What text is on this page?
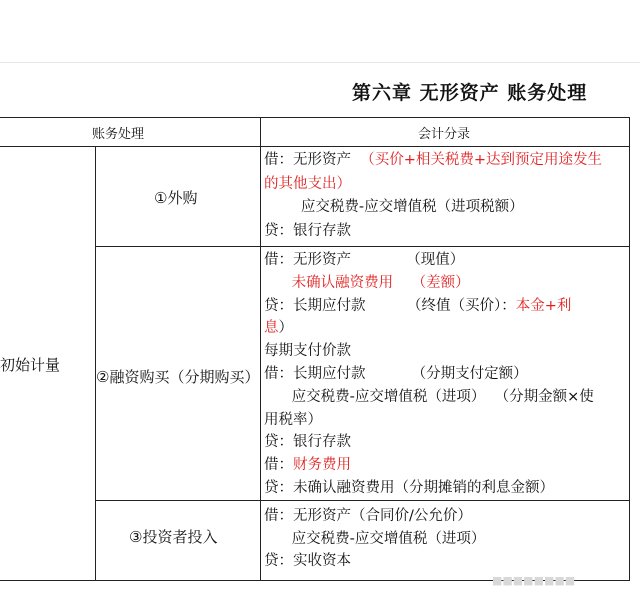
第六章 无形资产 账务处理
账务处理	会计分录
初始计量
①外购
②融资购买（分期购买）
③投资者投入
借：无形资产  （买价+相关税费+达到预定用途发生
的其他支出）
应交税费-应交增值税（进项税额）
贷：银行存款
借：无形资产            （现值）
未确认融资费用 （差额）
贷：长期应付款         （终值（买价）：本金+利
息）
每期支付价款
借：长期应付款          （分期支付定额）
应交税费-应交增值税（进项）  （分期金额×使
用税率）
贷：银行存款
借：财务费用
贷：未确认融资费用（分期摊销的利息金额）
借：无形资产（合同价/公允价）
应交税费-应交增值税（进项）
贷：实收资本
■■■■■■■■
